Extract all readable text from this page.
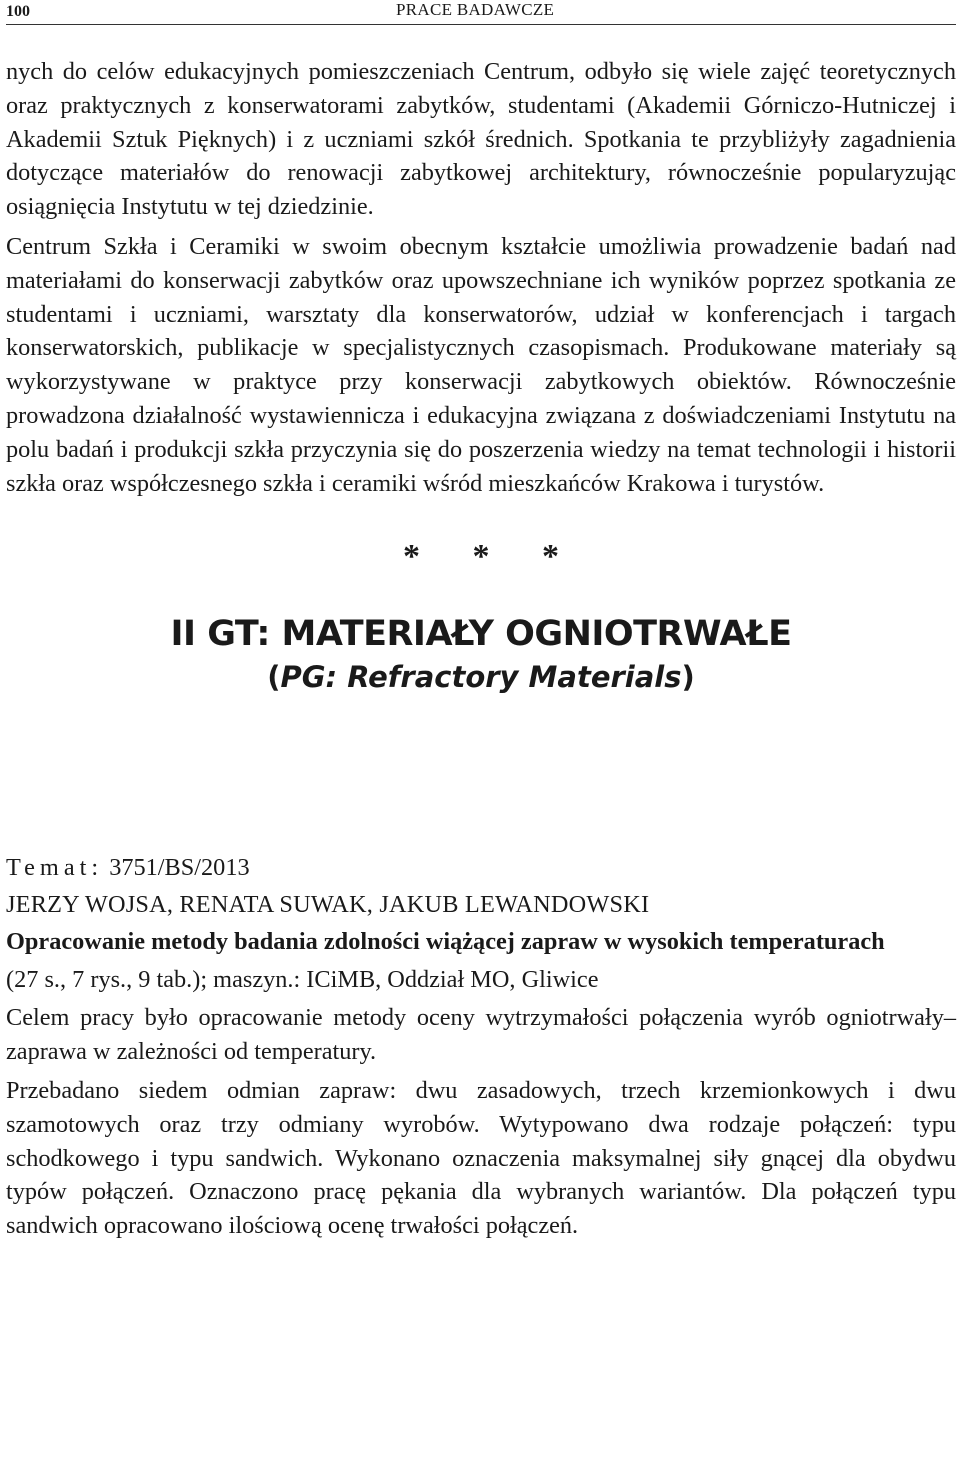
100	PRACE BADAWCZE

nych do celów edukacyjnych pomieszczeniach Centrum, odbyło się wiele zajęć teoretycznych oraz praktycznych z konserwatorami zabytków, studentami (Akademii Górniczo-Hutniczej i Akademii Sztuk Pięknych) i z uczniami szkół średnich. Spotkania te przybliżyły zagadnienia dotyczące materiałów do renowacji zabytkowej architektury, równocześnie popularyzując osiągnięcia Instytutu w tej dziedzinie.

Centrum Szkła i Ceramiki w swoim obecnym kształcie umożliwia prowadzenie badań nad materiałami do konserwacji zabytków oraz upowszechniane ich wyników poprzez spotkania ze studentami i uczniami, warsztaty dla konserwatorów, udział w konferencjach i targach konserwatorskich, publikacje w specjalistycznych czasopismach. Produkowane materiały są wykorzystywane w praktyce przy konserwacji zabytkowych obiektów. Równocześnie prowadzona działalność wystawiennicza i edukacyjna związana z doświadczeniami Instytutu na polu badań i produkcji szkła przyczynia się do poszerzenia wiedzy na temat technologii i historii szkła oraz współczesnego szkła i ceramiki wśród mieszkańców Krakowa i turystów.

* * *
II GT: MATERIAŁY OGNIOTRWAŁE
(PG: Refractory Materials)
Temat: 3751/BS/2013
JERZY WOJSA, RENATA SUWAK, JAKUB LEWANDOWSKI
Opracowanie metody badania zdolności wiążącej zapraw w wysokich temperaturach
(27 s., 7 rys., 9 tab.); maszyn.: ICiMB, Oddział MO, Gliwice

Celem pracy było opracowanie metody oceny wytrzymałości połączenia wyrób ogniotrwały–zaprawa w zależności od temperatury.

Przebadano siedem odmian zapraw: dwu zasadowych, trzech krzemionkowych i dwu szamotowych oraz trzy odmiany wyrobów. Wytypowano dwa rodzaje połączeń: typu schodkowego i typu sandwich. Wykonano oznaczenia maksymalnej siły gnącej dla obydwu typów połączeń. Oznaczono pracę pękania dla wybranych wariantów. Dla połączeń typu sandwich opracowano ilościową ocenę trwałości połączeń.
